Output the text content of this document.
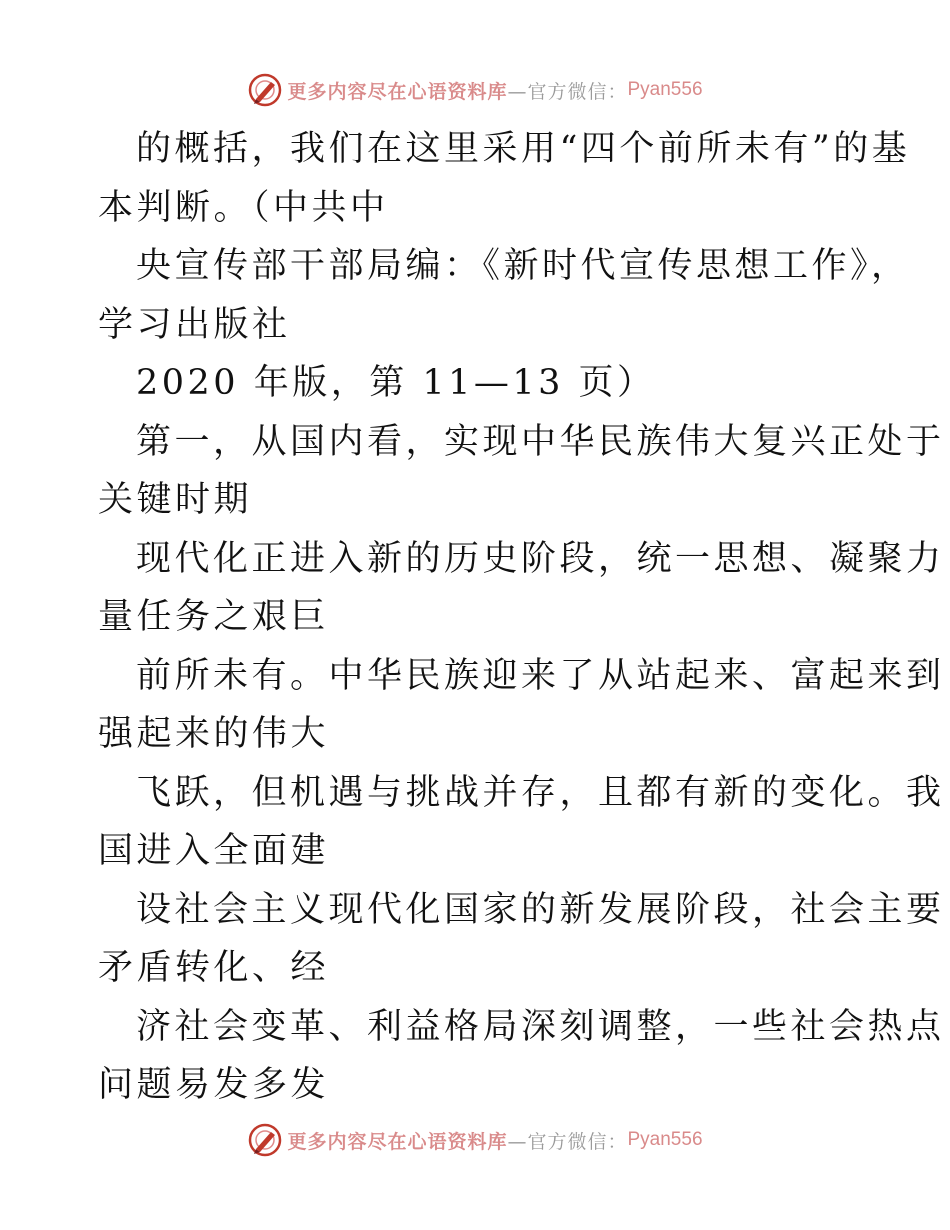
更多内容尽在心语资料库 —官方微信： Pyan556
的概括，我们在这里采用“四个前所未有”的基
本判断。（中共中
央宣传部干部局编：《新时代宣传思想工作》，
学习出版社
2020 年版，第 11—13 页）
第一，从国内看，实现中华民族伟大复兴正处于
关键时期
现代化正进入新的历史阶段，统一思想、凝聚力
量任务之艰巨
前所未有。中华民族迎来了从站起来、富起来到
强起来的伟大
飞跃，但机遇与挑战并存，且都有新的变化。我
国进入全面建
设社会主义现代化国家的新发展阶段，社会主要
矛盾转化、经
济社会变革、利益格局深刻调整，一些社会热点
问题易发多发
更多内容尽在心语资料库 —官方微信： Pyan556
